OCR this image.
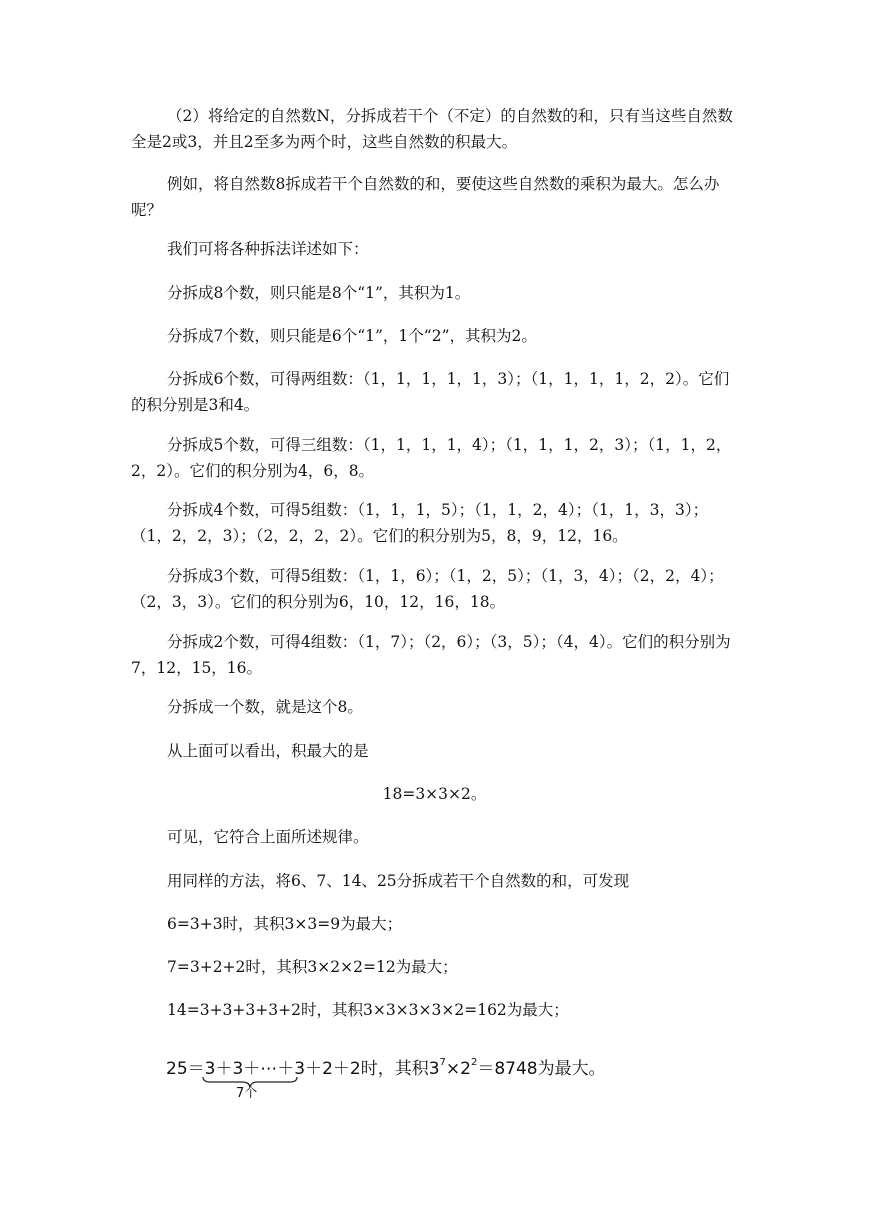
（2）将给定的自然数N，分拆成若干个（不定）的自然数的和，只有当这些自然数全是2或3，并且2至多为两个时，这些自然数的积最大。

例如，将自然数8拆成若干个自然数的和，要使这些自然数的乘积为最大。怎么办呢？

我们可将各种拆法详述如下：

分拆成8个数，则只能是8个“1”，其积为1。

分拆成7个数，则只能是6个“1”，1个“2”，其积为2。

分拆成6个数，可得两组数：（1，1，1，1，1，3）；（1，1，1，1，2，2）。它们的积分别是3和4。

分拆成5个数，可得三组数：（1，1，1，1，4）；（1，1，1，2，3）；（1，1，2，2，2）。它们的积分别为4，6，8。

分拆成4个数，可得5组数：（1，1，1，5）；（1，1，2，4）；（1，1，3，3）；（1，2，2，3）；（2，2，2，2）。它们的积分别为5，8，9，12，16。

分拆成3个数，可得5组数：（1，1，6）；（1，2，5）；（1，3，4）；（2，2，4）；（2，3，3）。它们的积分别为6，10，12，16，18。

分拆成2个数，可得4组数：（1，7）；（2，6）；（3，5）；（4，4）。它们的积分别为7，12，15，16。

分拆成一个数，就是这个8。

从上面可以看出，积最大的是

18=3×3×2。

可见，它符合上面所述规律。

用同样的方法，将6、7、14、25分拆成若干个自然数的和，可发现

6=3+3时，其积3×3=9为最大；

7=3+2+2时，其积3×2×2=12为最大；

14=3+3+3+3+2时，其积3×3×3×3×2=162为最大；

25＝3＋3＋⋯＋3＋2＋2时，其积$3^7\times 2^2=8748$为最大。
7个
